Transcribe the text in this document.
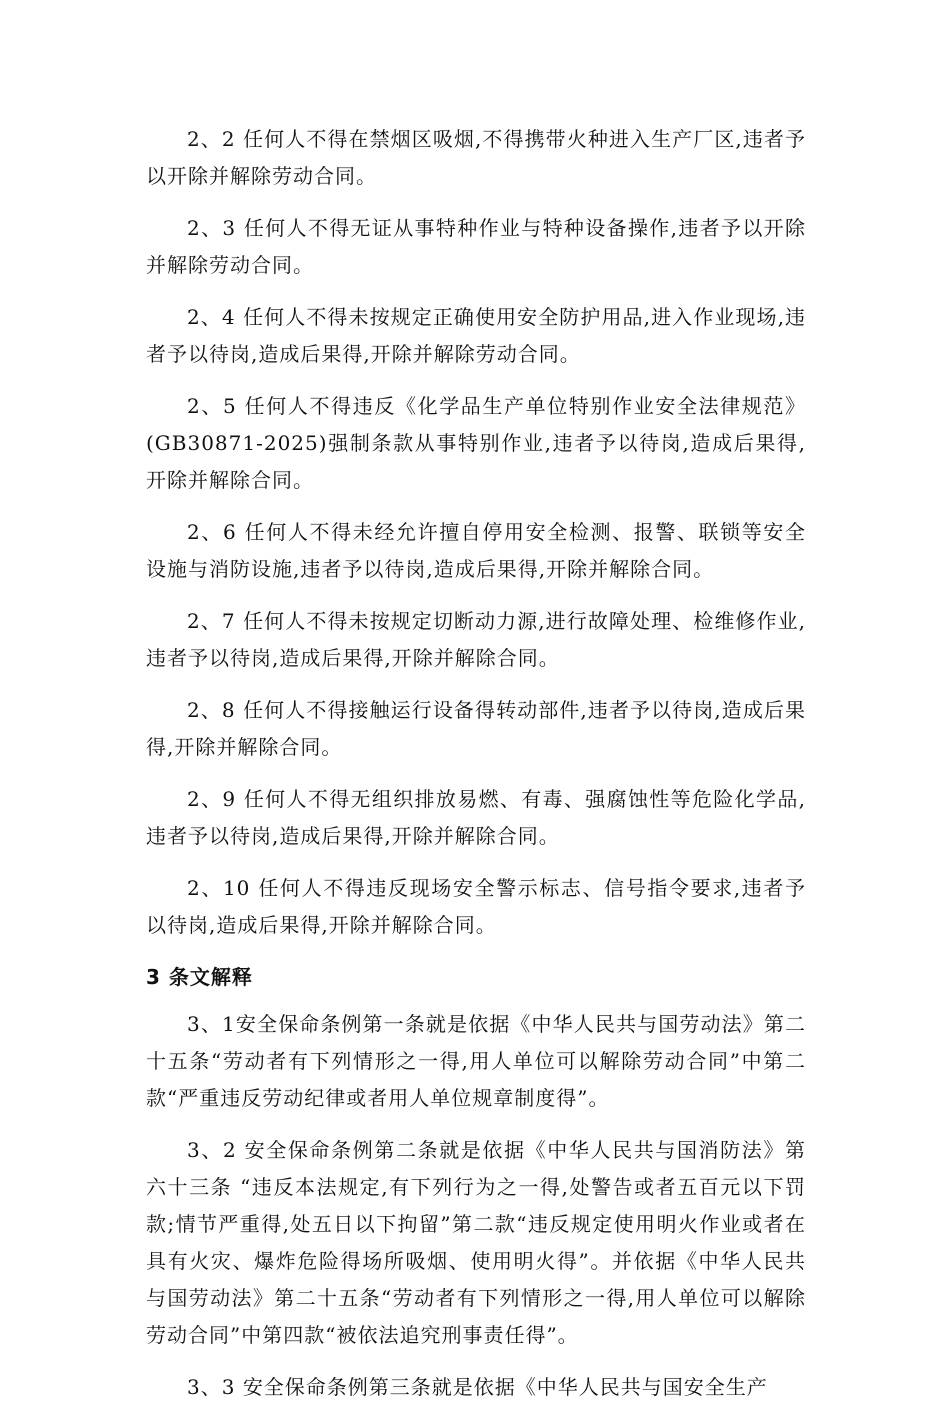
2、2 任何人不得在禁烟区吸烟,不得携带火种进入生产厂区,违者予以开除并解除劳动合同。

2、3 任何人不得无证从事特种作业与特种设备操作,违者予以开除并解除劳动合同。

2、4 任何人不得未按规定正确使用安全防护用品,进入作业现场,违者予以待岗,造成后果得,开除并解除劳动合同。

2、5 任何人不得违反《化学品生产单位特别作业安全法律规范》(GB30871-2025)强制条款从事特别作业,违者予以待岗,造成后果得,开除并解除合同。

2、6 任何人不得未经允许擅自停用安全检测、报警、联锁等安全设施与消防设施,违者予以待岗,造成后果得,开除并解除合同。

2、7 任何人不得未按规定切断动力源,进行故障处理、检维修作业,违者予以待岗,造成后果得,开除并解除合同。

2、8 任何人不得接触运行设备得转动部件,违者予以待岗,造成后果得,开除并解除合同。

2、9 任何人不得无组织排放易燃、有毒、强腐蚀性等危险化学品,违者予以待岗,造成后果得,开除并解除合同。

2、10 任何人不得违反现场安全警示标志、信号指令要求,违者予以待岗,造成后果得,开除并解除合同。

3 条文解释

3、1安全保命条例第一条就是依据《中华人民共与国劳动法》第二十五条“劳动者有下列情形之一得,用人单位可以解除劳动合同”中第二款“严重违反劳动纪律或者用人单位规章制度得”。

3、2 安全保命条例第二条就是依据《中华人民共与国消防法》第六十三条 “违反本法规定,有下列行为之一得,处警告或者五百元以下罚款;情节严重得,处五日以下拘留”第二款“违反规定使用明火作业或者在具有火灾、爆炸危险得场所吸烟、使用明火得”。并依据《中华人民共与国劳动法》第二十五条“劳动者有下列情形之一得,用人单位可以解除劳动合同”中第四款“被依法追究刑事责任得”。

3、3 安全保命条例第三条就是依据《中华人民共与国安全生产
